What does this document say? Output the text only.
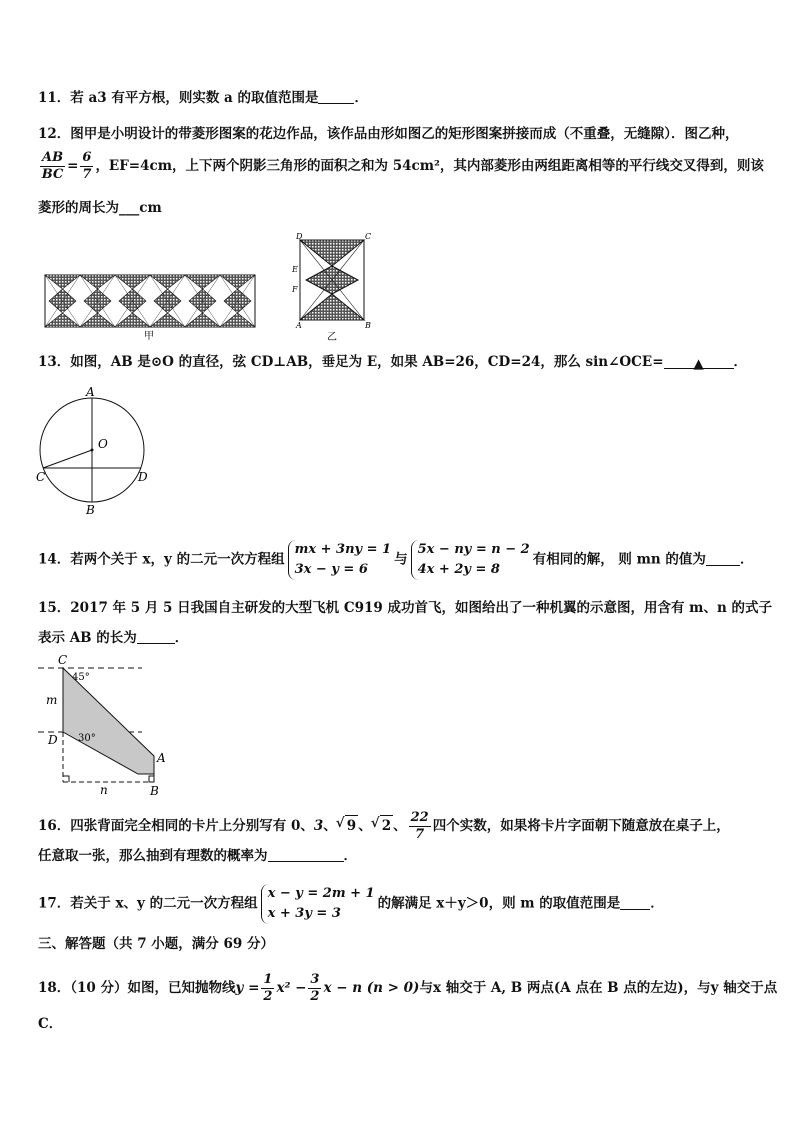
11．若 a3 有平方根，则实数 a 的取值范围是	．
12．图甲是小明设计的带菱形图案的花边作品，该作品由形如图乙的矩形图案拼接而成（不重叠，无缝隙）．图乙种，
$\frac{AB}{BC} = \frac{6}{7}$ ，EF=4cm，上下两个阴影三角形的面积之和为 54cm²，其内部菱形由两组距离相等的平行线交叉得到，则该
菱形的周长为___cm
甲
D	C
E
F
A	B
乙
13．如图，AB 是⊙O 的直径，弦 CD⊥AB，垂足为 E，如果 AB=26，CD=24，那么 sin∠OCE= ▲ ．
A
O
C	D
B
14．若两个关于 x，y 的二元一次方程组
mx + 3ny = 1
3x − y = 6
与
5x − ny = n − 2
4x + 2y = 8
有相同的解， 则 mn 的值为	．
15．2017 年 5 月 5 日我国自主研发的大型飞机 C919 成功首飞，如图给出了一种机翼的示意图，用含有 m、n 的式子
表示 AB 的长为	．
C
m
45°
D 30°
A
B
n
16．四张背面完全相同的卡片上分别写有 0、3、 √ 9 、 √ 2 、 $\frac{22}{7}$ 四个实数，如果将卡片字面朝下随意放在桌子上，
任意取一张，那么抽到有理数的概率为	．
17．若关于 x、y 的二元一次方程组
x − y = 2m + 1
x + 3y = 3
的解满足 x＋y＞0，则 m 的取值范围是 ．
三、解答题（共 7 小题，满分 69 分）
18．（10 分）如图，已知抛物线$y = \frac{1}{2} x^2 - \frac{3}{2}$ x − n (n > 0)与x 轴交于 A, B 两点(A 点在 B 点的左边)，与y 轴交于点
C．
